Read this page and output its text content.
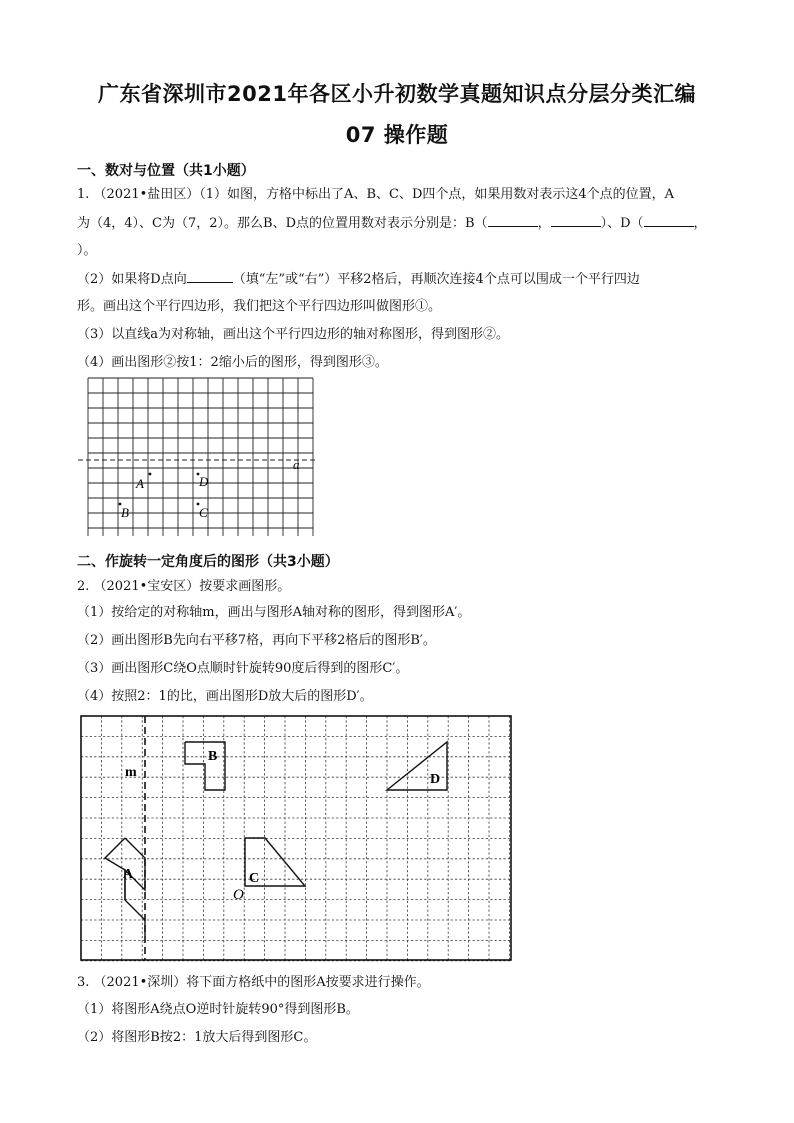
广东省深圳市2021年各区小升初数学真题知识点分层分类汇编
07 操作题
一、数对与位置（共1小题）
1. （2021•盐田区）（1）如图，方格中标出了A、B、C、D四个点，如果用数对表示这4个点的位置，A
为（4，4）、C为（7，2）。那么B、D点的位置用数对表示分别是：B（	，	）、D（	，
）。
（2）如果将D点向	（填“左”或“右”）平移2格后，再顺次连接4个点可以围成一个平行四边
形。画出这个平行四边形，我们把这个平行四边形叫做图形①。
（3）以直线a为对称轴，画出这个平行四边形的轴对称图形，得到图形②。
（4）画出图形②按1：2缩小后的图形，得到图形③。
a
A	D
B	C
二、作旋转一定角度后的图形（共3小题）
2. （2021•宝安区）按要求画图形。
（1）按给定的对称轴m，画出与图形A轴对称的图形，得到图形A′。
（2）画出图形B先向右平移7格，再向下平移2格后的图形B′。
（3）画出图形C绕O点顺时针旋转90度后得到的图形C′。
（4）按照2：1的比，画出图形D放大后的图形D′。
m
B
D
A	C
O
3. （2021•深圳）将下面方格纸中的图形A按要求进行操作。
（1）将图形A绕点O逆时针旋转90°得到图形B。
（2）将图形B按2：1放大后得到图形C。
